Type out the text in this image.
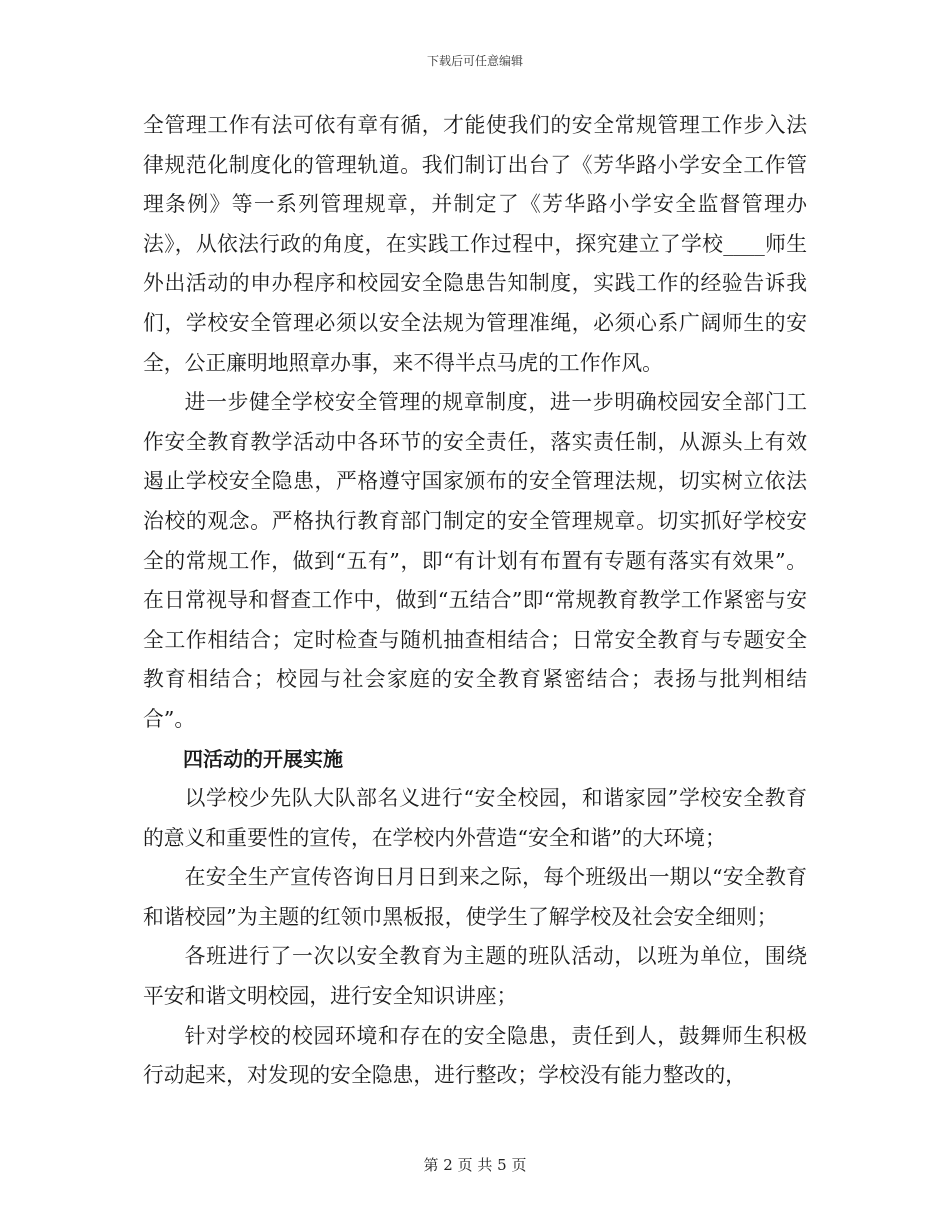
下载后可任意编辑

全管理工作有法可依有章有循，才能使我们的安全常规管理工作步入法律规范化制度化的管理轨道。我们制订出台了《芳华路小学安全工作管理条例》等一系列管理规章，并制定了《芳华路小学安全监督管理办法》，从依法行政的角度，在实践工作过程中，探究建立了学校____师生外出活动的申办程序和校园安全隐患告知制度，实践工作的经验告诉我们，学校安全管理必须以安全法规为管理准绳，必须心系广阔师生的安全，公正廉明地照章办事，来不得半点马虎的工作作风。

进一步健全学校安全管理的规章制度，进一步明确校园安全部门工作安全教育教学活动中各环节的安全责任，落实责任制，从源头上有效遏止学校安全隐患，严格遵守国家颁布的安全管理法规，切实树立依法治校的观念。严格执行教育部门制定的安全管理规章。切实抓好学校安全的常规工作，做到“五有”，即“有计划有布置有专题有落实有效果”。在日常视导和督查工作中，做到“五结合”即“常规教育教学工作紧密与安全工作相结合；定时检查与随机抽查相结合；日常安全教育与专题安全教育相结合；校园与社会家庭的安全教育紧密结合；表扬与批判相结合”。

四活动的开展实施

以学校少先队大队部名义进行“安全校园，和谐家园”学校安全教育的意义和重要性的宣传，在学校内外营造“安全和谐”的大环境；

在安全生产宣传咨询日月日到来之际，每个班级出一期以“安全教育和谐校园”为主题的红领巾黑板报，使学生了解学校及社会安全细则；

各班进行了一次以安全教育为主题的班队活动，以班为单位，围绕平安和谐文明校园，进行安全知识讲座；

针对学校的校园环境和存在的安全隐患，责任到人，鼓舞师生积极行动起来，对发现的安全隐患，进行整改；学校没有能力整改的，

第 2 页 共 5 页
